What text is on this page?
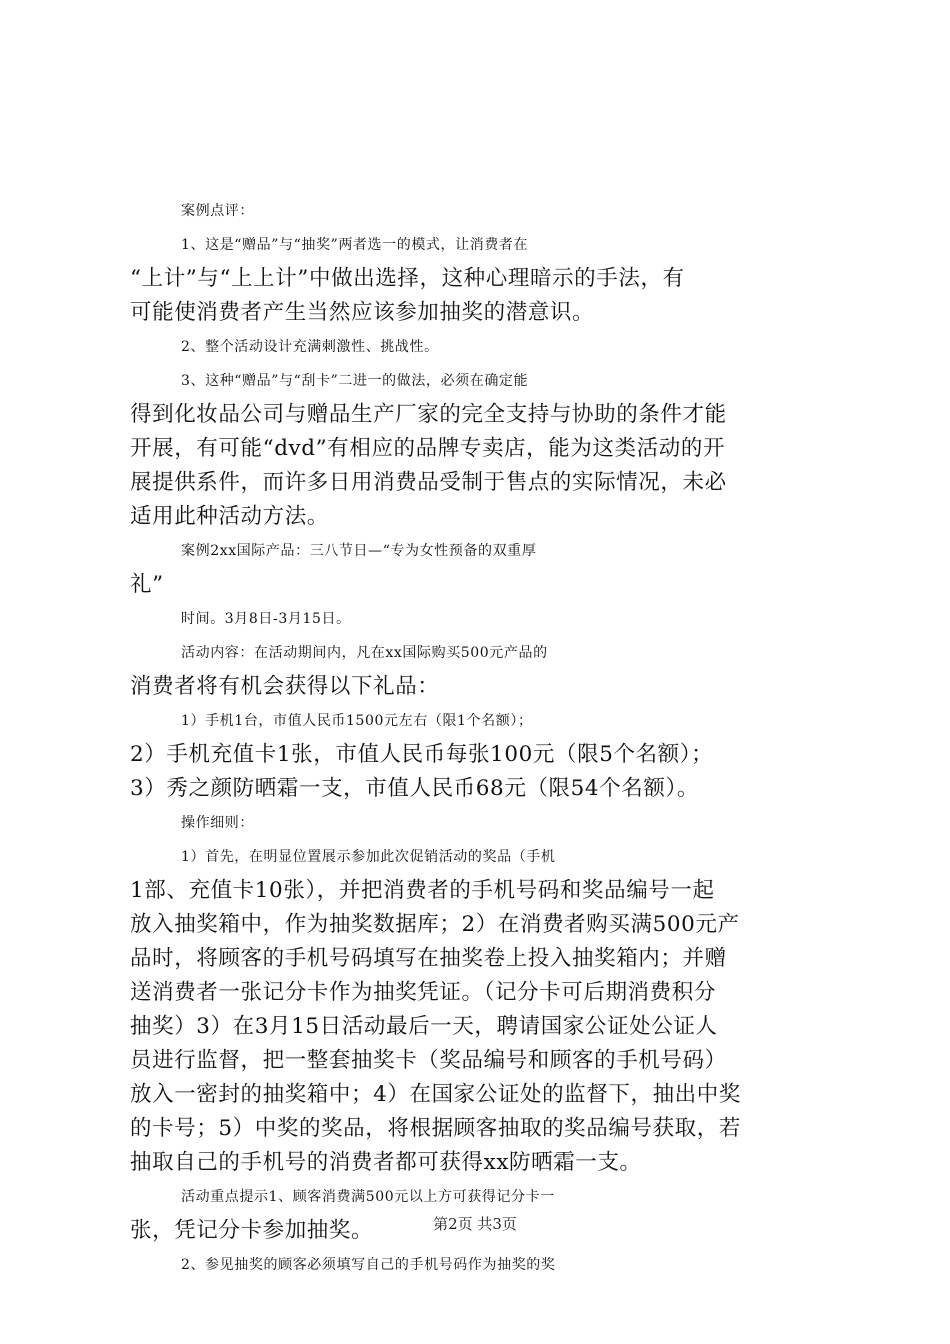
案例点评：
1、这是“赠品”与“抽奖”两者选一的模式，让消费者在
“上计”与“上上计”中做出选择，这种心理暗示的手法，有
可能使消费者产生当然应该参加抽奖的潜意识。
2、整个活动设计充满刺激性、挑战性。
3、这种“赠品”与“刮卡”二进一的做法，必须在确定能
得到化妆品公司与赠品生产厂家的完全支持与协助的条件才能
开展，有可能“dvd”有相应的品牌专卖店，能为这类活动的开
展提供系件，而许多日用消费品受制于售点的实际情况，未必
适用此种活动方法。
案例2xx国际产品：三八节日—“专为女性预备的双重厚
礼”
时间。3月8日-3月15日。
活动内容：在活动期间内，凡在xx国际购买500元产品的
消费者将有机会获得以下礼品：
1）手机1台，市值人民币1500元左右（限1个名额）；
2）手机充值卡1张，市值人民币每张100元（限5个名额）；
3）秀之颜防晒霜一支，市值人民币68元（限54个名额）。
操作细则：
1）首先，在明显位置展示参加此次促销活动的奖品（手机
1部、充值卡10张），并把消费者的手机号码和奖品编号一起
放入抽奖箱中，作为抽奖数据库；2）在消费者购买满500元产
品时，将顾客的手机号码填写在抽奖卷上投入抽奖箱内；并赠
送消费者一张记分卡作为抽奖凭证。（记分卡可后期消费积分
抽奖）3）在3月15日活动最后一天，聘请国家公证处公证人
员进行监督，把一整套抽奖卡（奖品编号和顾客的手机号码）
放入一密封的抽奖箱中；4）在国家公证处的监督下，抽出中奖
的卡号；5）中奖的奖品，将根据顾客抽取的奖品编号获取，若
抽取自己的手机号的消费者都可获得xx防晒霜一支。
活动重点提示1、顾客消费满500元以上方可获得记分卡一
张，凭记分卡参加抽奖。
2、参见抽奖的顾客必须填写自己的手机号码作为抽奖的奖
第2页 共3页
